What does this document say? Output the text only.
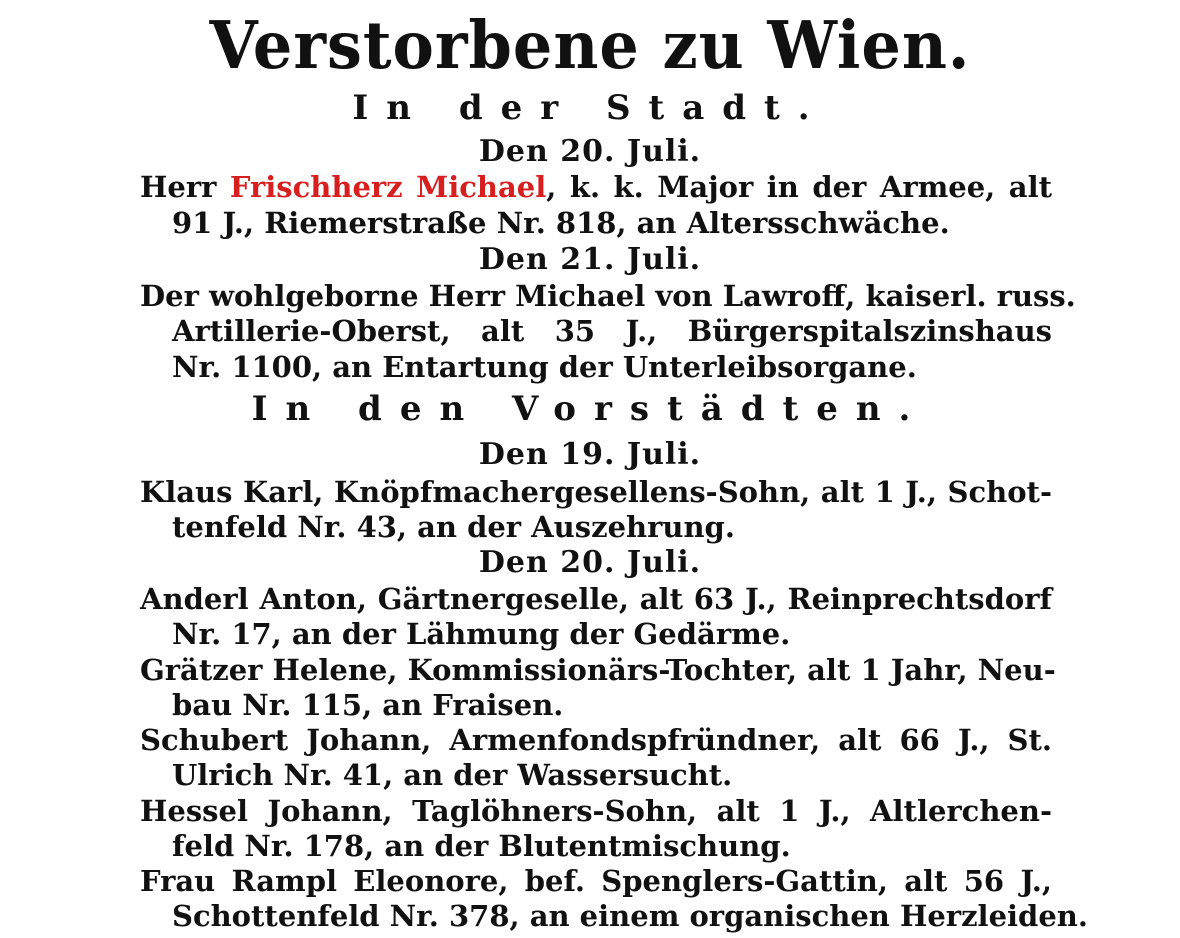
Verstorbene zu Wien.
In der Stadt.
Den 20. Juli.
Herr Frischherz Michael, k. k. Major in der Armee, alt
91 J., Riemerstraße Nr. 818, an Altersschwäche.
Den 21. Juli.
Der wohlgeborne Herr Michael von Lawroff, kaiserl. russ.
Artillerie-Oberst, alt 35 J., Bürgerspitalszinshaus
Nr. 1100, an Entartung der Unterleibsorgane.
In den Vorstädten.
Den 19. Juli.
Klaus Karl, Knöpfmachergesellens-Sohn, alt 1 J., Schot-
tenfeld Nr. 43, an der Auszehrung.
Den 20. Juli.
Anderl Anton, Gärtnergeselle, alt 63 J., Reinprechtsdorf
Nr. 17, an der Lähmung der Gedärme.
Grätzer Helene, Kommissionärs-Tochter, alt 1 Jahr, Neu-
bau Nr. 115, an Fraisen.
Schubert Johann, Armenfondspfründner, alt 66 J., St.
Ulrich Nr. 41, an der Wassersucht.
Hessel Johann, Taglöhners-Sohn, alt 1 J., Altlerchen-
feld Nr. 178, an der Blutentmischung.
Frau Rampl Eleonore, bef. Spenglers-Gattin, alt 56 J.,
Schottenfeld Nr. 378, an einem organischen Herzleiden.
